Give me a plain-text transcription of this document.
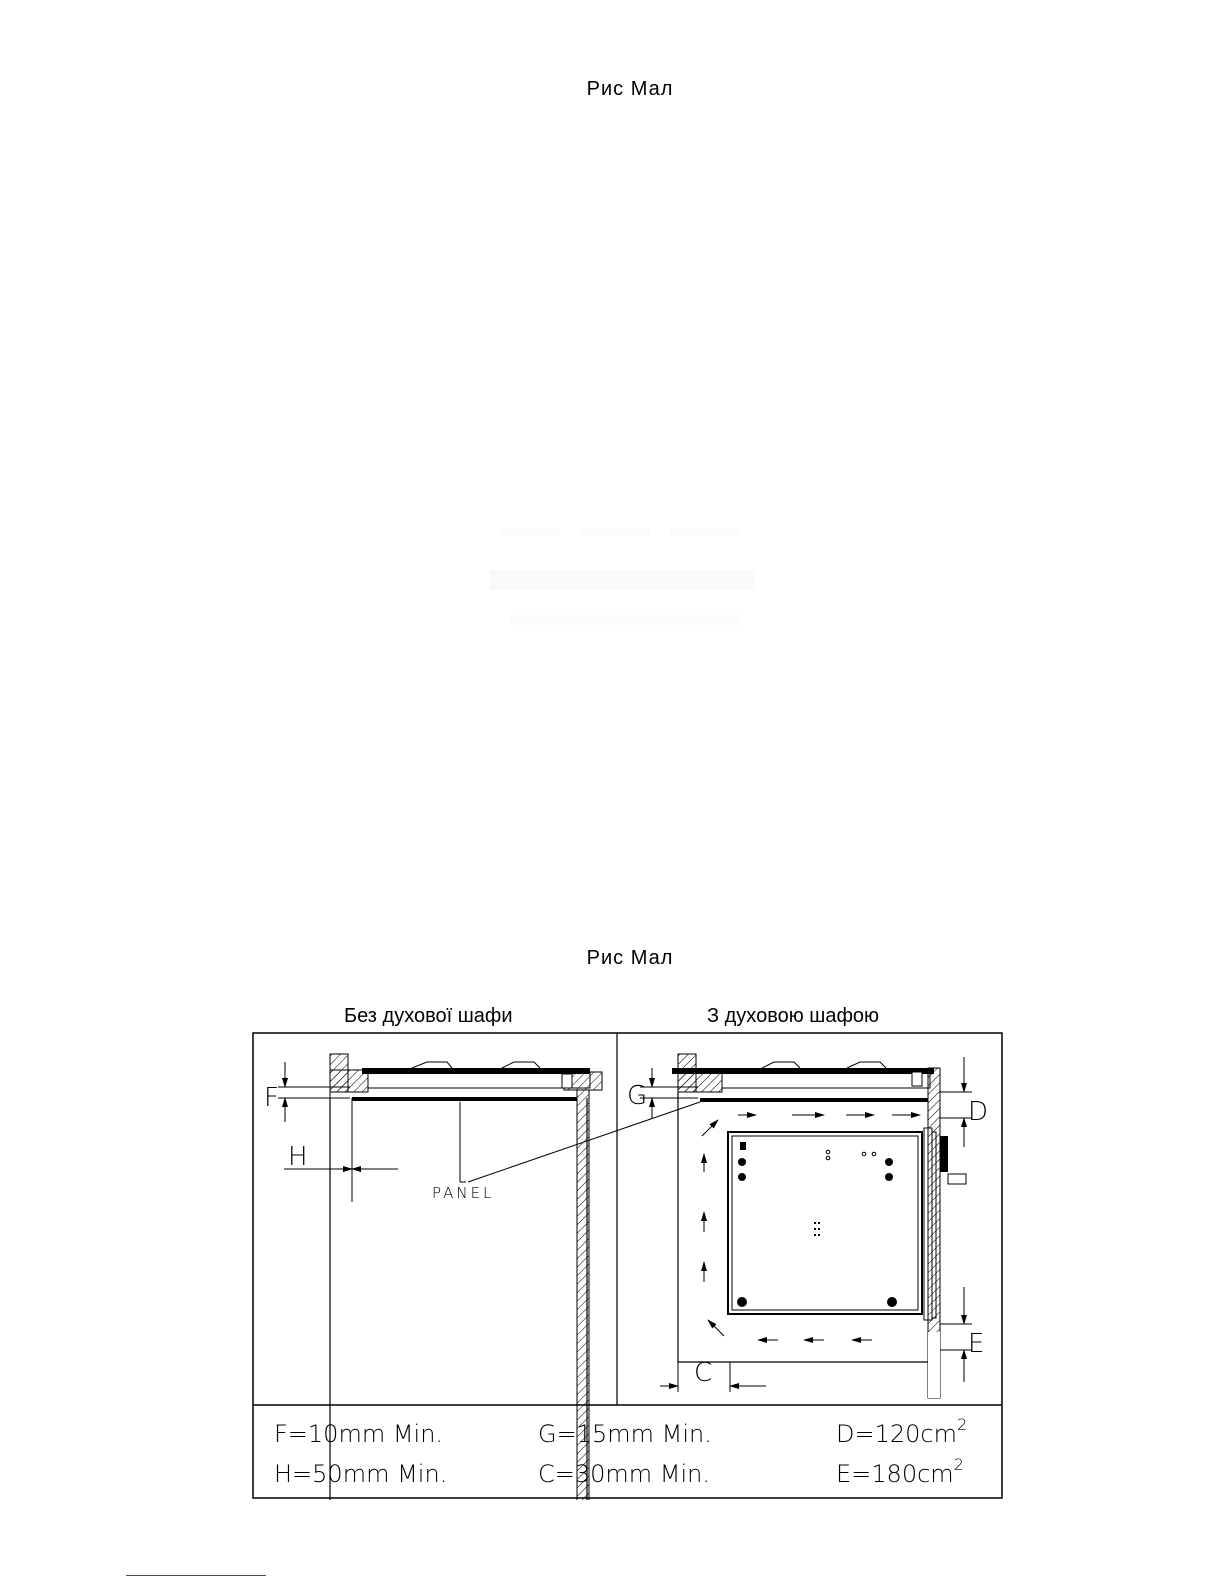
Рис Мал
Рис Мал
Без духової шафи	З духовою шафою
F
H
PANEL
G
D
E
C
F=10mm Min.	G=15mm Min.	$D=120cm^2$
H=50mm Min.	C=30mm Min.	$E=180cm^2$
